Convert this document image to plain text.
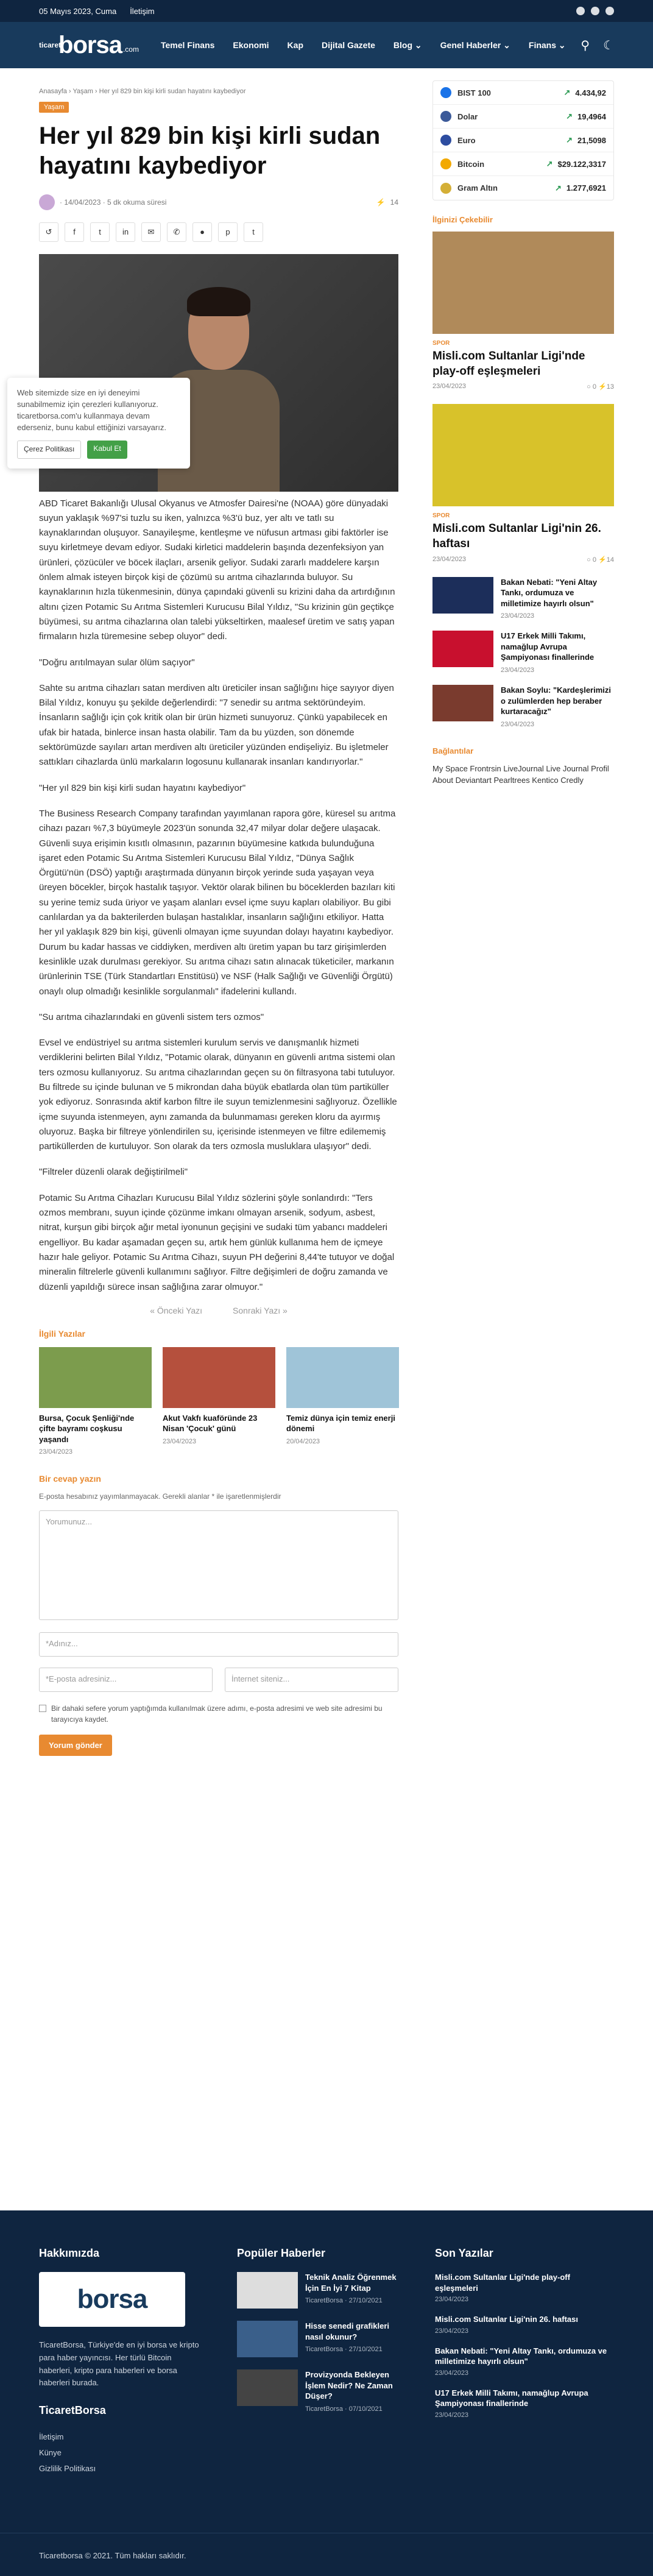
05 Mayıs 2023, Cuma İletişim
ticaret
borsa .com	Temel Finans Ekonomi Kap Dijital Gazete Blog ⌄ Genel Haberler ⌄ Finans ⌄ ⚲ ☾
Anasayfa › Yaşam › Her yıl 829 bin kişi kirli sudan hayatını kaybediyor
Yaşam
Her yıl 829 bin kişi kirli sudan hayatını kaybediyor
· 14/04/2023 · 5 dk okuma süresi	⚡ 14
↺	f	t	in	✉	✆	●	p	t

ABD Ticaret Bakanlığı Ulusal Okyanus ve Atmosfer Dairesi'ne (NOAA) göre dünyadaki suyun yaklaşık %97'si tuzlu su iken, yalnızca %3'ü buz, yer altı ve tatlı su kaynaklarından oluşuyor. Sanayileşme, kentleşme ve nüfusun artması gibi faktörler ise suyu kirletmeye devam ediyor. Sudaki kirletici maddelerin başında dezenfeksiyon yan ürünleri, çözücüler ve böcek ilaçları, arsenik geliyor. Sudaki zararlı maddelere karşın önlem almak isteyen birçok kişi de çözümü su arıtma cihazlarında buluyor. Su kaynaklarının hızla tükenmesinin, dünya çapındaki güvenli su krizini daha da artırdığının altını çizen Potamic Su Arıtma Sistemleri Kurucusu Bilal Yıldız, "Su krizinin gün geçtikçe büyümesi, su arıtma cihazlarına olan talebi yükseltirken, maalesef üretim ve satış yapan firmaların hızla türemesine sebep oluyor" dedi.

"Doğru arıtılmayan sular ölüm saçıyor"

Sahte su arıtma cihazları satan merdiven altı üreticiler insan sağlığını hiçe sayıyor diyen Bilal Yıldız, konuyu şu şekilde değerlendirdi: "7 senedir su arıtma sektöründeyim. İnsanların sağlığı için çok kritik olan bir ürün hizmeti sunuyoruz. Çünkü yapabilecek en ufak bir hatada, binlerce insan hasta olabilir. Tam da bu yüzden, son dönemde sektörümüzde sayıları artan merdiven altı üreticiler yüzünden endişeliyiz. Bu işletmeler sattıkları cihazlarda ünlü markaların logosunu kullanarak insanları kandırıyorlar."

"Her yıl 829 bin kişi kirli sudan hayatını kaybediyor"

The Business Research Company tarafından yayımlanan rapora göre, küresel su arıtma cihazı pazarı %7,3 büyümeyle 2023'ün sonunda 32,47 milyar dolar değere ulaşacak. Güvenli suya erişimin kısıtlı olmasının, pazarının büyümesine katkıda bulunduğuna işaret eden Potamic Su Arıtma Sistemleri Kurucusu Bilal Yıldız, "Dünya Sağlık Örgütü'nün (DSÖ) yaptığı araştırmada dünyanın birçok yerinde suda yaşayan veya üreyen böcekler, birçok hastalık taşıyor. Vektör olarak bilinen bu böceklerden bazıları kiti su yerine temiz suda üriyor ve yaşam alanları evsel içme suyu kapları olabiliyor. Bu gibi canlılardan ya da bakterilerden bulaşan hastalıklar, insanların sağlığını etkiliyor. Hatta her yıl yaklaşık 829 bin kişi, güvenli olmayan içme suyundan dolayı hayatını kaybediyor. Durum bu kadar hassas ve ciddiyken, merdiven altı üretim yapan bu tarz girişimlerden kesinlikle uzak durulması gerekiyor. Su arıtma cihazı satın alınacak tüketiciler, markanın ürünlerinin TSE (Türk Standartları Enstitüsü) ve NSF (Halk Sağlığı ve Güvenliği Örgütü) onaylı olup olmadığı kesinlikle sorgulanmalı" ifadelerini kullandı.

"Su arıtma cihazlarındaki en güvenli sistem ters ozmos"

Evsel ve endüstriyel su arıtma sistemleri kurulum servis ve danışmanlık hizmeti verdiklerini belirten Bilal Yıldız, "Potamic olarak, dünyanın en güvenli arıtma sistemi olan ters ozmosu kullanıyoruz. Su arıtma cihazlarından geçen su ön filtrasyona tabi tutuluyor. Bu filtrede su içinde bulunan ve 5 mikrondan daha büyük ebatlarda olan tüm partiküller yok ediyoruz. Sonrasında aktif karbon filtre ile suyun temizlenmesini sağlıyoruz. Özellikle içme suyunda istenmeyen, aynı zamanda da bulunmaması gereken kloru da ayırmış oluyoruz. Başka bir filtreye yönlendirilen su, içerisinde istenmeyen ve filtre edilememiş partiküllerden de kurtuluyor. Son olarak da ters ozmosla musluklara ulaşıyor" dedi.

"Filtreler düzenli olarak değiştirilmeli"

Potamic Su Arıtma Cihazları Kurucusu Bilal Yıldız sözlerini şöyle sonlandırdı: "Ters ozmos membranı, suyun içinde çözünme imkanı olmayan arsenik, sodyum, asbest, nitrat, kurşun gibi birçok ağır metal iyonunun geçişini ve sudaki tüm yabancı maddeleri engelliyor. Bu kadar aşamadan geçen su, artık hem günlük kullanıma hem de içmeye hazır hale geliyor. Potamic Su Arıtma Cihazı, suyun PH değerini 8,44'te tutuyor ve doğal mineralin filtrelerle güvenli kullanımını sağlıyor. Filtre değişimleri de doğru zamanda ve düzenli yapıldığı sürece insan sağlığına zarar olmuyor."

« Önceki Yazı	Sonraki Yazı »
İlgili Yazılar
Bursa, Çocuk Şenliği'nde çifte bayramı coşkusu yaşandı
23/04/2023
Akut Vakfı kuaföründe 23 Nisan 'Çocuk' günü
23/04/2023
Temiz dünya için temiz enerji dönemi
20/04/2023
Bir cevap yazın
E-posta hesabınız yayımlanmayacak. Gerekli alanlar * ile işaretlenmişlerdir
Yorumunuz...
*Adınız...
*E-posta adresiniz...	İnternet siteniz...
Bir dahaki sefere yorum yaptığımda kullanılmak üzere adımı, e-posta adresimi ve web site adresimi bu tarayıcıya kaydet.
Yorum gönder
BIST 100	↗ 4.434,92
Dolar	↗ 19,4964
Euro	↗ 21,5098
Bitcoin	↗ $29.122,3317
Gram Altın	↗ 1.277,6921
İlginizi Çekebilir
SPOR
Misli.com Sultanlar Ligi'nde play-off eşleşmeleri
23/04/2023	○ 0 ⚡13
SPOR
Misli.com Sultanlar Ligi'nin 26. haftası
23/04/2023	○ 0 ⚡14
Bakan Nebati: "Yeni Altay Tankı, ordumuza ve milletimize hayırlı olsun"
23/04/2023
U17 Erkek Milli Takımı, namağlup Avrupa Şampiyonası finallerinde
23/04/2023
Bakan Soylu: "Kardeşlerimizi o zulümlerden hep beraber kurtaracağız"
23/04/2023
Bağlantılar
My Space Frontrsin LiveJournal Live Journal Profil About Deviantart Pearltrees Kentico Credly
Web sitemizde size en iyi deneyimi sunabilmemiz için çerezleri kullanıyoruz. ticaretborsa.com'u kullanmaya devam ederseniz, bunu kabul ettiğinizi varsayarız.
Çerez Politikası	Kabul Et
Hakkımızda
borsa
TicaretBorsa, Türkiye'de en iyi borsa ve kripto para haber yayıncısı. Her türlü Bitcoin haberleri, kripto para haberleri ve borsa haberleri burada.
TicaretBorsa
İletişim
Künye
Gizlilik Politikası
Popüler Haberler
Teknik Analiz Öğrenmek İçin En İyi 7 Kitap
TicaretBorsa · 27/10/2021
Hisse senedi grafikleri nasıl okunur?
TicaretBorsa · 27/10/2021
Provizyonda Bekleyen İşlem Nedir? Ne Zaman Düşer?
TicaretBorsa · 07/10/2021
Son Yazılar
Misli.com Sultanlar Ligi'nde play-off eşleşmeleri
23/04/2023
Misli.com Sultanlar Ligi'nin 26. haftası
23/04/2023
Bakan Nebati: "Yeni Altay Tankı, ordumuza ve milletimize hayırlı olsun"
23/04/2023
U17 Erkek Milli Takımı, namağlup Avrupa Şampiyonası finallerinde
23/04/2023
Ticaretborsa © 2021. Tüm hakları saklıdır.
